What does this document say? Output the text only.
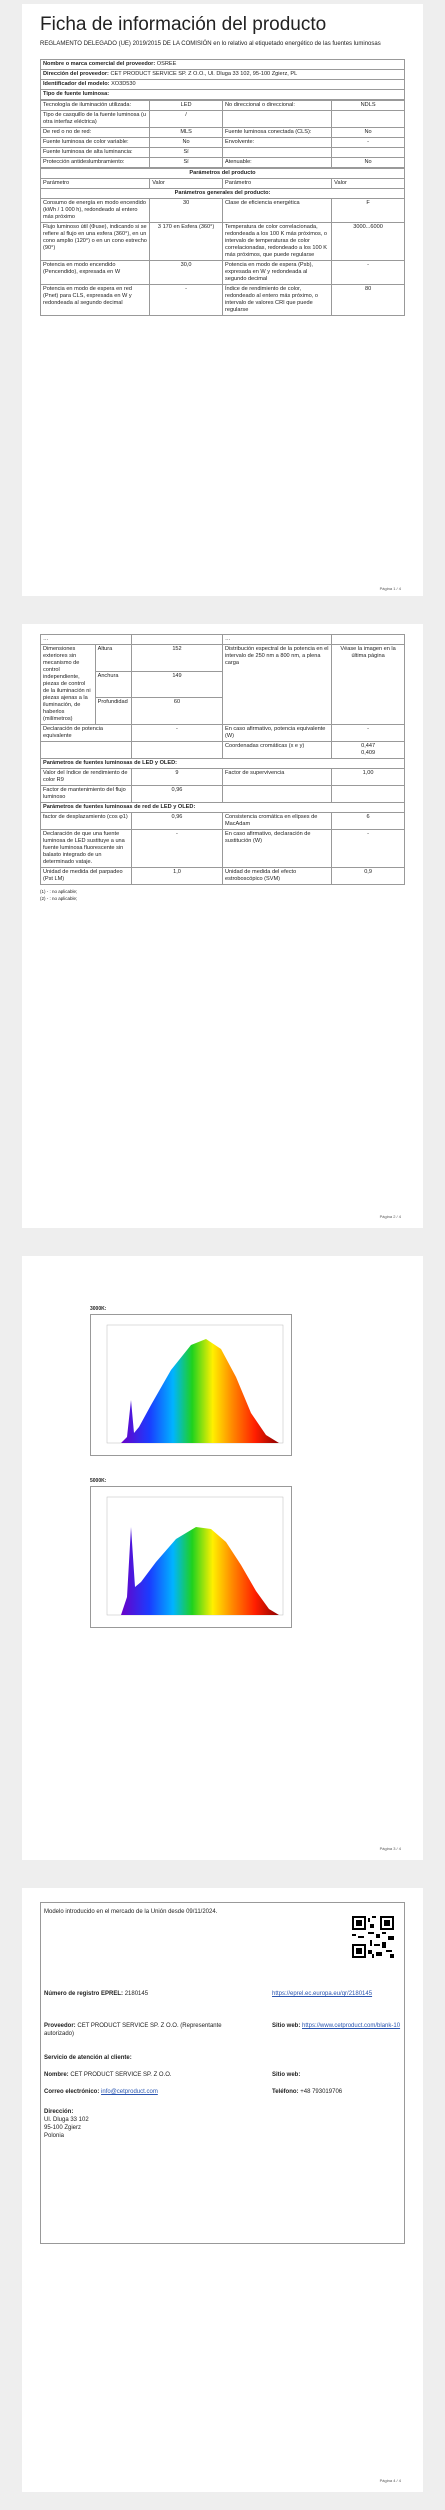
Ficha de información del producto
REGLAMENTO DELEGADO (UE) 2019/2015 DE LA COMISIÓN en lo relativo al etiquetado energético de las fuentes luminosas
Nombre o marca comercial del proveedor: OSREE
Dirección del proveedor: CET PRODUCT SERVICE SP. Z O.O., Ul. Dluga 33 102, 95-100 Zgierz, PL
Identificador del modelo: XO3D530
Tipo de fuente luminosa:
Tecnología de iluminación utilizada:	LED	No direccional o direccional:	NDLS
Tipo de casquillo de la fuente luminosa (u otra interfaz eléctrica)	/		
De red o no de red:	MLS	Fuente luminosa conectada (CLS):	No
Fuente luminosa de color variable:	No	Envolvente:	-
Fuente luminosa de alta luminancia:	Sí		
Protección antideslumbramiento:	Sí	Atenuable:	No
Parámetros del producto			
Parámetro	Valor	Parámetro	Valor
Parámetros generales del producto:			
Consumo de energía en modo encendido (kWh / 1 000 h), redondeado al entero más próximo	30	Clase de eficiencia energética	F
Flujo luminoso útil (Φuse), indicando si se refiere al flujo en una esfera (360°), en un cono amplio (120°) o en un cono estrecho (90°)	3 170 en Esfera (360°)	Temperatura de color correlacionada, redondeada a los 100 K más próximos, o intervalo de temperaturas de color correlacionadas, redondeado a los 100 K más próximos, que puede regularse	3000...6000
Potencia en modo encendido (Pencendido), expresada en W	30,0	Potencia en modo de espera (Psb), expresada en W y redondeada al segundo decimal	-
Potencia en modo de espera en red (Pnet) para CLS, expresada en W y redondeada al segundo decimal	-	Índice de rendimiento de color, redondeado al entero más próximo, o intervalo de valores CRI que puede regularse	80
Página 1 / 4
…			…	
Dimensiones exteriores sin mecanismo de control independiente, piezas de control de la iluminación ni piezas ajenas a la iluminación, de haberlos (milímetros)	Altura	152	Distribución espectral de la potencia en el intervalo de 250 nm a 800 nm, a plena carga	Véase la imagen en la última página
	Anchura	149		
	Profundidad	60		
Declaración de potencia equivalente		-	En caso afirmativo, potencia equivalente (W)	-
			Coordenadas cromáticas (x e y)	0,447
0,409
Parámetros de fuentes luminosas de LED y OLED:				
Valor del índice de rendimiento de color R9		9	Factor de supervivencia	1,00
Factor de mantenimiento del flujo luminoso		0,96		
Parámetros de fuentes luminosas de red de LED y OLED:				
factor de desplazamiento (cos φ1)		0,96	Consistencia cromática en elipses de MacAdam	6
Declaración de que una fuente luminosa de LED sustituye a una fuente luminosa fluorescente sin balasto integrado de un determinado vataje.		-	En caso afirmativo, declaración de sustitución (W)	-
Unidad de medida del parpadeo (Pst LM)		1,0	Unidad de medida del efecto estroboscópico (SVM)	0,9
(1) - : no aplicable;
(2) - : no aplicable;
Página 2 / 4
3000K:
5000K:
Página 3 / 4
Modelo introducido en el mercado de la Unión desde 09/11/2024.
Número de registro EPREL: 2180145	https://eprel.ec.europa.eu/qr/2180145
Proveedor: CET PRODUCT SERVICE SP. Z O.O. (Representante autorizado)
Sitio web: https://www.cetproduct.com/blank-10
Servicio de atención al cliente:
Nombre: CET PRODUCT SERVICE SP. Z O.O.	Sitio web:
Correo electrónico: info@cetproduct.com	Teléfono: +48 793019706
Dirección:
Ul. Dluga 33 102
95-100 Zgierz
Polonia
Página 4 / 4
